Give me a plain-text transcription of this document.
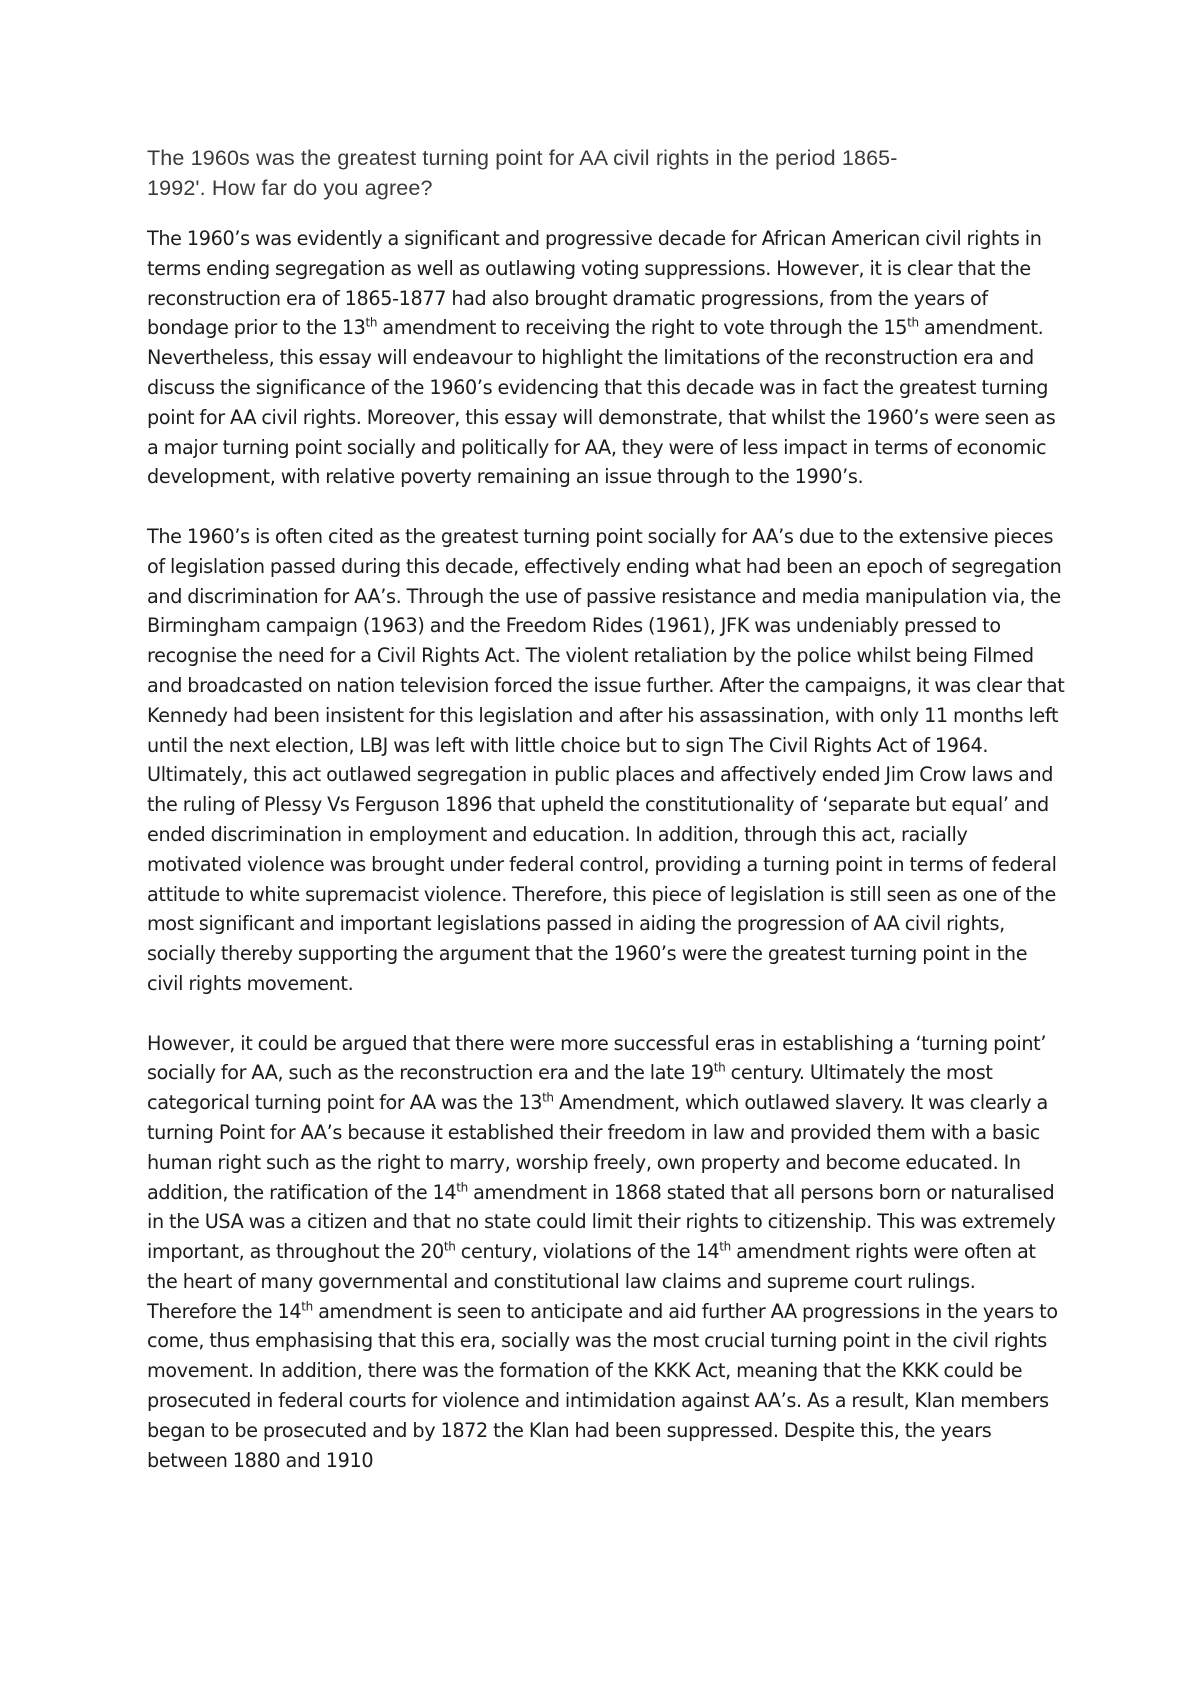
The 1960s was the greatest turning point for AA civil rights in the period 1865-
1992'. How far do you agree?

The 1960’s was evidently a significant and progressive decade for African American civil rights in terms ending segregation as well as outlawing voting suppressions. However, it is clear that the reconstruction era of 1865-1877 had also brought dramatic progressions, from the years of bondage prior to the 13th amendment to receiving the right to vote through the 15th amendment. Nevertheless, this essay will endeavour to highlight the limitations of the reconstruction era and discuss the significance of the 1960’s evidencing that this decade was in fact the greatest turning point for AA civil rights. Moreover, this essay will demonstrate, that whilst the 1960’s were seen as a major turning point socially and politically for AA, they were of less impact in terms of economic development, with relative poverty remaining an issue through to the 1990’s.

The 1960’s is often cited as the greatest turning point socially for AA’s due to the extensive pieces of legislation passed during this decade, effectively ending what had been an epoch of segregation and discrimination for AA’s. Through the use of passive resistance and media manipulation via, the Birmingham campaign (1963) and the Freedom Rides (1961), JFK was undeniably pressed to recognise the need for a Civil Rights Act. The violent retaliation by the police whilst being Filmed and broadcasted on nation television forced the issue further. After the campaigns, it was clear that Kennedy had been insistent for this legislation and after his assassination, with only 11 months left until the next election, LBJ was left with little choice but to sign The Civil Rights Act of 1964. Ultimately, this act outlawed segregation in public places and affectively ended Jim Crow laws and the ruling of Plessy Vs Ferguson 1896 that upheld the constitutionality of ‘separate but equal’ and ended discrimination in employment and education. In addition, through this act, racially motivated violence was brought under federal control, providing a turning point in terms of federal attitude to white supremacist violence. Therefore, this piece of legislation is still seen as one of the most significant and important legislations passed in aiding the progression of AA civil rights, socially thereby supporting the argument that the 1960’s were the greatest turning point in the civil rights movement.

However, it could be argued that there were more successful eras in establishing a ‘turning point’ socially for AA, such as the reconstruction era and the late 19th century. Ultimately the most categorical turning point for AA was the 13th Amendment, which outlawed slavery. It was clearly a turning Point for AA’s because it established their freedom in law and provided them with a basic human right such as the right to marry, worship freely, own property and become educated. In addition, the ratification of the 14th amendment in 1868 stated that all persons born or naturalised in the USA was a citizen and that no state could limit their rights to citizenship. This was extremely important, as throughout the 20th century, violations of the 14th amendment rights were often at the heart of many governmental and constitutional law claims and supreme court rulings. Therefore the 14th amendment is seen to anticipate and aid further AA progressions in the years to come, thus emphasising that this era, socially was the most crucial turning point in the civil rights movement. In addition, there was the formation of the KKK Act, meaning that the KKK could be prosecuted in federal courts for violence and intimidation against AA’s. As a result, Klan members began to be prosecuted and by 1872 the Klan had been suppressed. Despite this, the years between 1880 and 1910
